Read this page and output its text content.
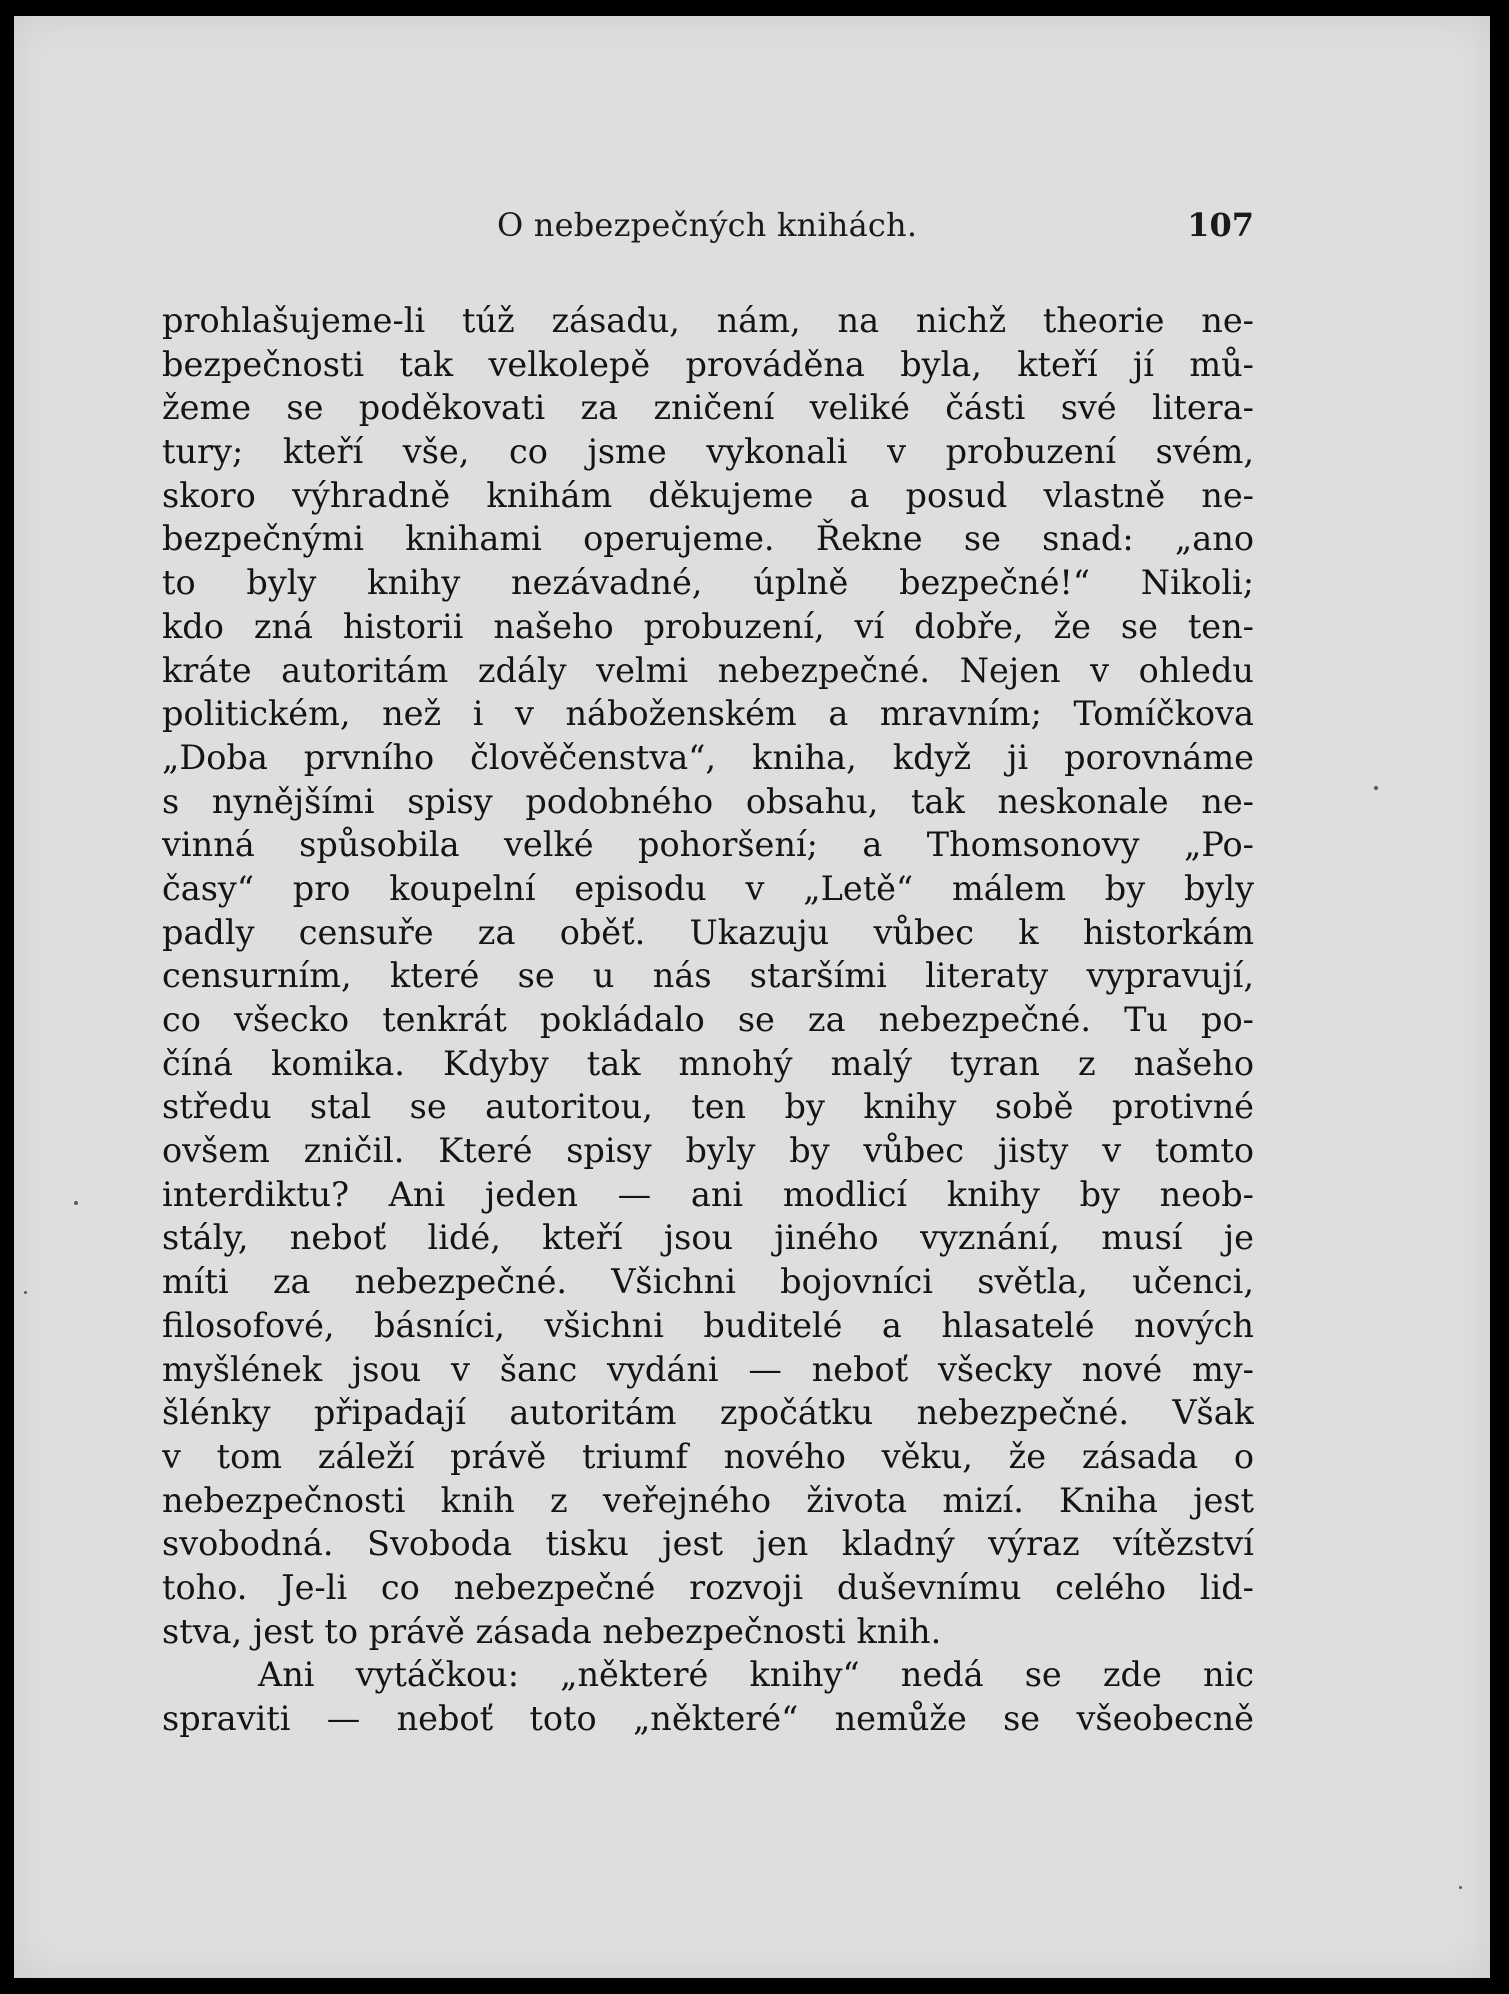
O nebezpečných knihách.	107
prohlašujeme-li túž zásadu, nám, na nichž theorie ne-
bezpečnosti tak velkolepě prováděna byla, kteří jí mů-
žeme se poděkovati za zničení veliké části své litera-
tury; kteří vše, co jsme vykonali v probuzení svém,
skoro výhradně knihám děkujeme a posud vlastně ne-
bezpečnými knihami operujeme. Řekne se snad: „ano
to byly knihy nezávadné, úplně bezpečné!“ Nikoli;
kdo zná historii našeho probuzení, ví dobře, že se ten-
kráte autoritám zdály velmi nebezpečné. Nejen v ohledu
politickém, než i v náboženském a mravním; Tomíčkova
„Doba prvního člověčenstva“, kniha, když ji porovnáme
s nynějšími spisy podobného obsahu, tak neskonale ne-
vinná spůsobila velké pohoršení; a Thomsonovy „Po-
časy“ pro koupelní episodu v „Letě“ málem by byly
padly censuře za oběť. Ukazuju vůbec k historkám
censurním, které se u nás staršími literaty vypravují,
co všecko tenkrát pokládalo se za nebezpečné. Tu po-
číná komika. Kdyby tak mnohý malý tyran z našeho
středu stal se autoritou, ten by knihy sobě protivné
ovšem zničil. Které spisy byly by vůbec jisty v tomto
interdiktu? Ani jeden — ani modlicí knihy by neob-
stály, neboť lidé, kteří jsou jiného vyznání, musí je
míti za nebezpečné. Všichni bojovníci světla, učenci,
filosofové, básníci, všichni buditelé a hlasatelé nových
myšlének jsou v šanc vydáni — neboť všecky nové my-
šlénky připadají autoritám zpočátku nebezpečné. Však
v tom záleží právě triumf nového věku, že zásada o
nebezpečnosti knih z veřejného života mizí. Kniha jest
svobodná. Svoboda tisku jest jen kladný výraz vítězství
toho. Je-li co nebezpečné rozvoji duševnímu celého lid-
stva, jest to právě zásada nebezpečnosti knih.
Ani vytáčkou: „některé knihy“ nedá se zde nic
spraviti — neboť toto „některé“ nemůže se všeobecně
